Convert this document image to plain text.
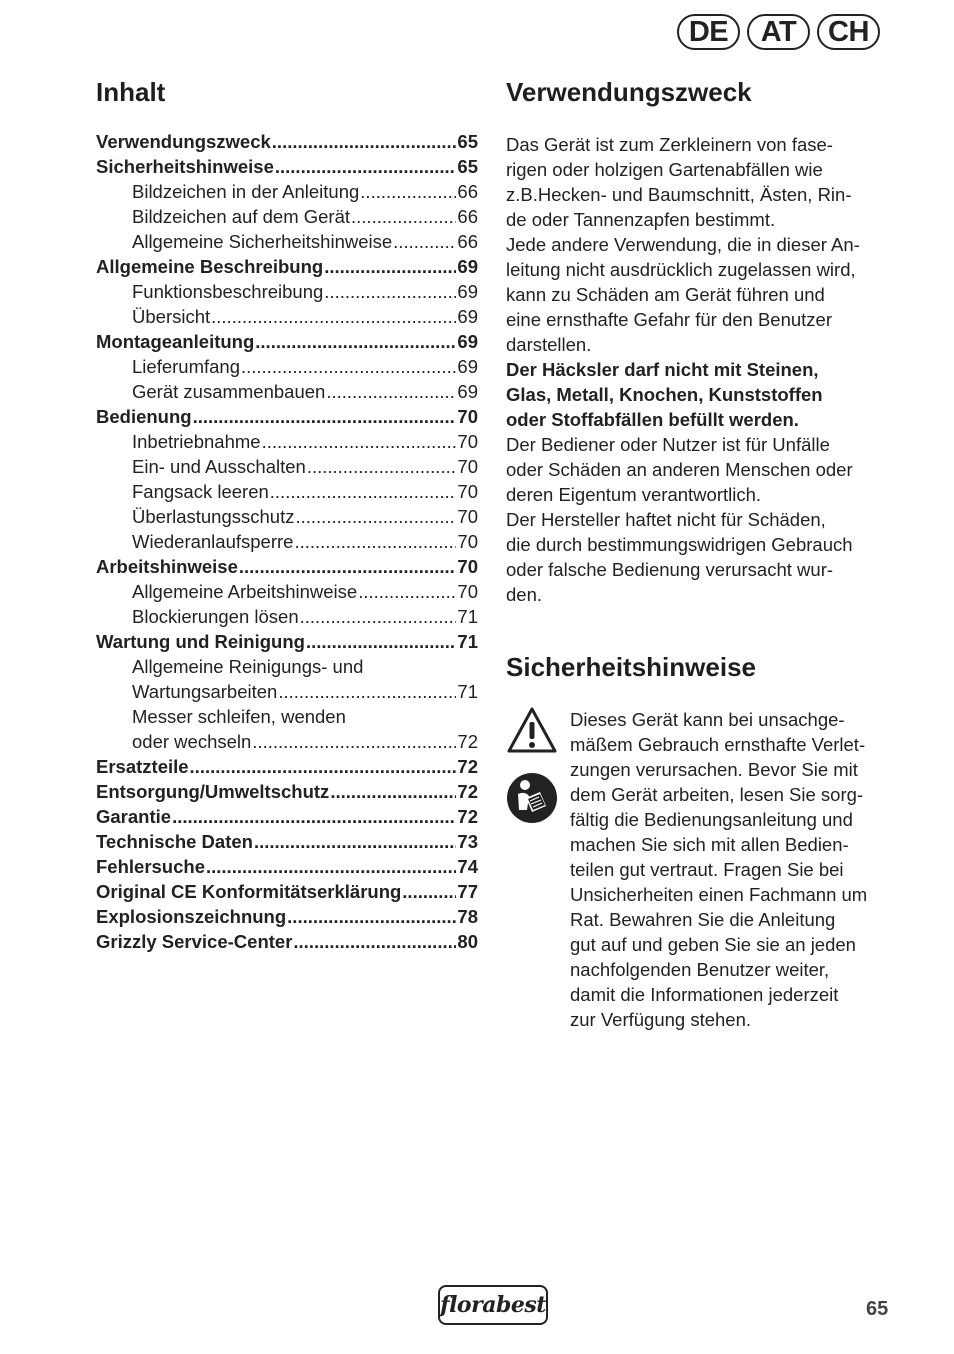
DE	AT	CH
Inhalt
Verwendungszweck .....	65
Sicherheitshinweise .....	65
Bildzeichen in der Anleitung .....	66
Bildzeichen auf dem Gerät .....	66
Allgemeine Sicherheitshinweise .....	66
Allgemeine Beschreibung .....	69
Funktionsbeschreibung .....	69
Übersicht .....	69
Montageanleitung .....	69
Lieferumfang .....	69
Gerät zusammenbauen .....	69
Bedienung .....	70
Inbetriebnahme .....	70
Ein- und Ausschalten .....	70
Fangsack leeren .....	70
Überlastungsschutz .....	70
Wiederanlaufsperre .....	70
Arbeitshinweise .....	70
Allgemeine Arbeitshinweise .....	70
Blockierungen lösen .....	71
Wartung und Reinigung .....	71
Allgemeine Reinigungs- und
Wartungsarbeiten .....	71
Messer schleifen, wenden
oder wechseln .....	72
Ersatzteile .....	72
Entsorgung/Umweltschutz .....	72
Garantie .....	72
Technische Daten .....	73
Fehlersuche .....	74
Original CE Konformitätserklärung .....	77
Explosionszeichnung .....	78
Grizzly Service-Center .....	80
Verwendungszweck
Das Gerät ist zum Zerkleinern von fase-
rigen oder holzigen Gartenabfällen wie
z.B.Hecken- und Baumschnitt, Ästen, Rin-
de oder Tannenzapfen bestimmt.
Jede andere Verwendung, die in dieser An-
leitung nicht ausdrücklich zugelassen wird,
kann zu Schäden am Gerät führen und
eine ernsthafte Gefahr für den Benutzer
darstellen.
Der Häcksler darf nicht mit Steinen,
Glas, Metall, Knochen, Kunststoffen
oder Stoffabfällen befüllt werden.
Der Bediener oder Nutzer ist für Unfälle
oder Schäden an anderen Menschen oder
deren Eigentum verantwortlich.
Der Hersteller haftet nicht für Schäden,
die durch bestimmungswidrigen Gebrauch
oder falsche Bedienung verursacht wur-
den.
Sicherheitshinweise
Dieses Gerät kann bei unsachge-
mäßem Gebrauch ernsthafte Verlet-
zungen verursachen. Bevor Sie mit
dem Gerät arbeiten, lesen Sie sorg-
fältig die Bedienungsanleitung und
machen Sie sich mit allen Bedien-
teilen gut vertraut. Fragen Sie bei
Unsicherheiten einen Fachmann um
Rat. Bewahren Sie die Anleitung
gut auf und geben Sie sie an jeden
nachfolgenden Benutzer weiter,
damit die Informationen jederzeit
zur Verfügung stehen.
florabest	65
